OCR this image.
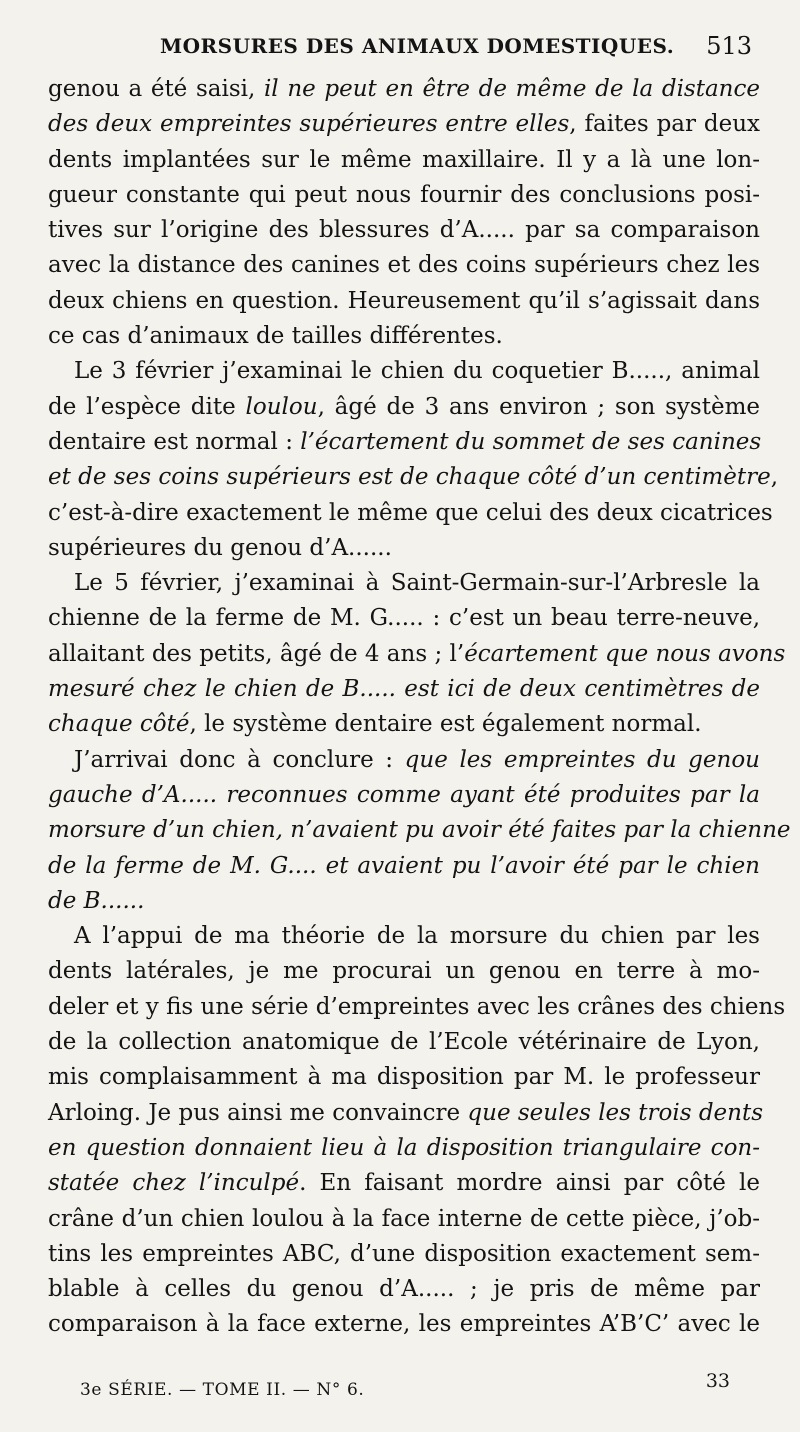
MORSURES DES ANIMAUX DOMESTIQUES. 513
genou a été saisi, il ne peut en être de même de la distance
des deux empreintes supérieures entre elles, faites par deux
dents implantées sur le même maxillaire. Il y a là une lon-
gueur constante qui peut nous fournir des conclusions posi-
tives sur l’origine des blessures d’A..... par sa comparaison
avec la distance des canines et des coins supérieurs chez les
deux chiens en question. Heureusement qu’il s’agissait dans
ce cas d’animaux de tailles différentes.
Le 3 février j’examinai le chien du coquetier B....., animal
de l’espèce dite loulou, âgé de 3 ans environ ; son système
dentaire est normal : l’écartement du sommet de ses canines
et de ses coins supérieurs est de chaque côté d’un centimètre,
c’est-à-dire exactement le même que celui des deux cicatrices
supérieures du genou d’A......
Le 5 février, j’examinai à Saint-Germain-sur-l’Arbresle la
chienne de la ferme de M. G..... : c’est un beau terre-neuve,
allaitant des petits, âgé de 4 ans ; l’écartement que nous avons
mesuré chez le chien de B..... est ici de deux centimètres de
chaque côté, le système dentaire est également normal.
J’arrivai donc à conclure : que les empreintes du genou
gauche d’A..... reconnues comme ayant été produites par la
morsure d’un chien, n’avaient pu avoir été faites par la chienne
de la ferme de M. G.... et avaient pu l’avoir été par le chien
de B......
A l’appui de ma théorie de la morsure du chien par les
dents latérales, je me procurai un genou en terre à mo-
deler et y fis une série d’empreintes avec les crânes des chiens
de la collection anatomique de l’Ecole vétérinaire de Lyon,
mis complaisamment à ma disposition par M. le professeur
Arloing. Je pus ainsi me convaincre que seules les trois dents
en question donnaient lieu à la disposition triangulaire con-
statée chez l’inculpé. En faisant mordre ainsi par côté le
crâne d’un chien loulou à la face interne de cette pièce, j’ob-
tins les empreintes ABC, d’une disposition exactement sem-
blable à celles du genou d’A..... ; je pris de même par
comparaison à la face externe, les empreintes A’B’C’ avec le
3e SÉRIE. — TOME II. — N° 6.	33
